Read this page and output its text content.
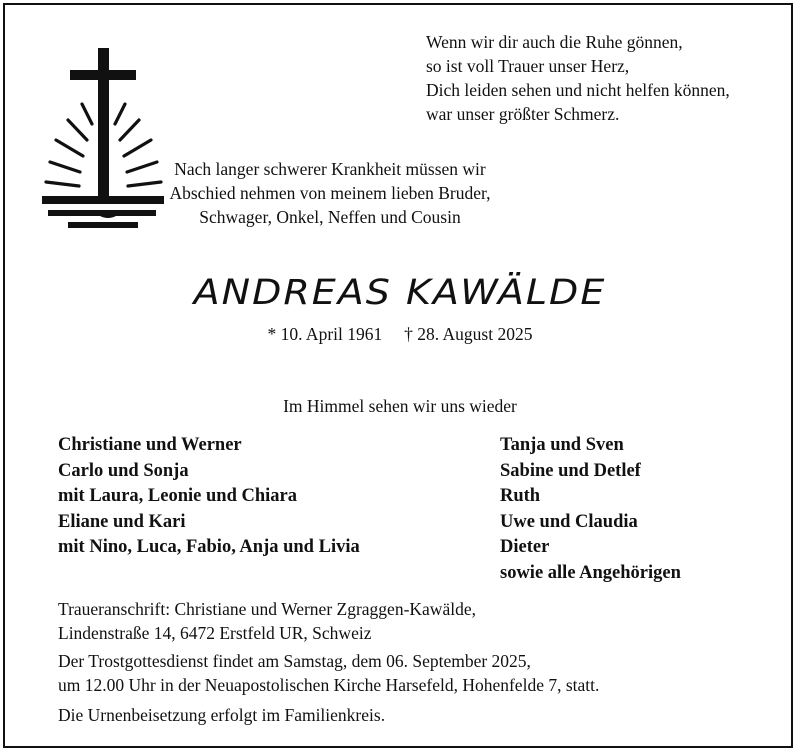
Wenn wir dir auch die Ruhe gönnen,
so ist voll Trauer unser Herz,
Dich leiden sehen und nicht helfen können,
war unser größter Schmerz.
Nach langer schwerer Krankheit müssen wir
Abschied nehmen von meinem lieben Bruder,
Schwager, Onkel, Neffen und Cousin
ANDREAS KAWÄLDE
* 10. April 1961     † 28. August 2025
Im Himmel sehen wir uns wieder
Christiane und Werner
Carlo und Sonja
mit Laura, Leonie und Chiara
Eliane und Kari
mit Nino, Luca, Fabio, Anja und Livia
Tanja und Sven
Sabine und Detlef
Ruth
Uwe und Claudia
Dieter
sowie alle Angehörigen
Traueranschrift: Christiane und Werner Zgraggen-Kawälde,
Lindenstraße 14, 6472 Erstfeld UR, Schweiz
Der Trostgottesdienst findet am Samstag, dem 06. September 2025,
um 12.00 Uhr in der Neuapostolischen Kirche Harsefeld, Hohenfelde 7, statt.
Die Urnenbeisetzung erfolgt im Familienkreis.
